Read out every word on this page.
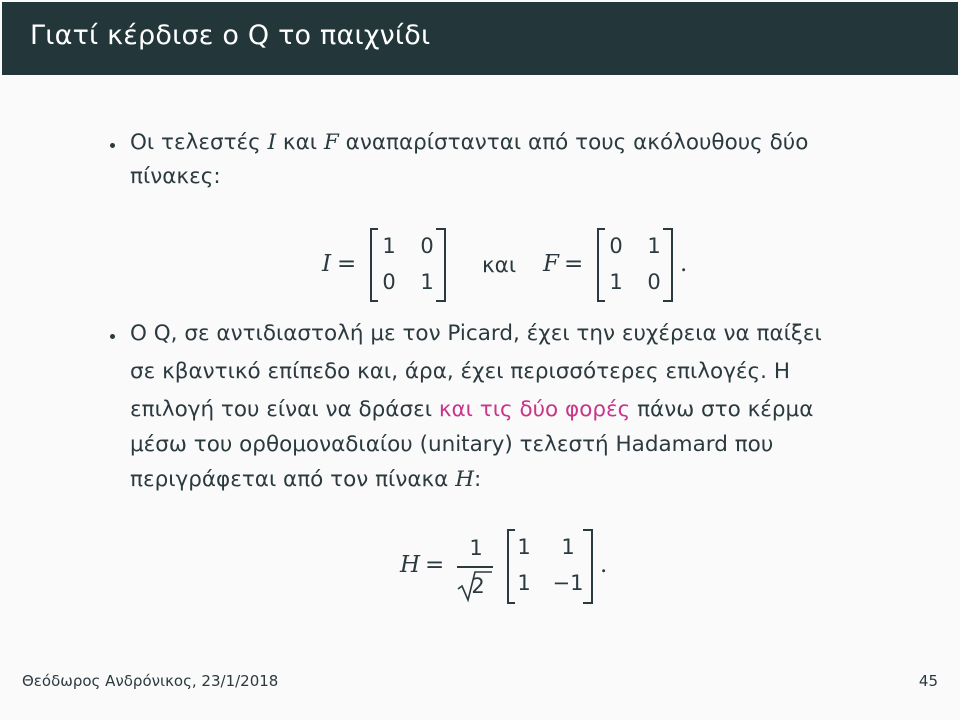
Γιατί κέρδισε ο Q το παιχνίδι
Οι τελεστές I και F αναπαρίστανται από τους ακόλουθους δύο
πίνακες:
I =
1	0
0	1
και F =
0	1
1	0
.
Ο Q, σε αντιδιαστολή με τον Picard, έχει την ευχέρεια να παίξει
σε κβαντικό επίπεδο και, άρα, έχει περισσότερες επιλογές. Η
επιλογή του είναι να δράσει και τις δύο φορές πάνω στο κέρμα
μέσω του ορθομοναδιαίου (unitary) τελεστή Hadamard που
περιγράφεται από τον πίνακα H:
H =
1
2
1	1
1	−1
.
Θεόδωρος Ανδρόνικος, 23/1/2018	45
